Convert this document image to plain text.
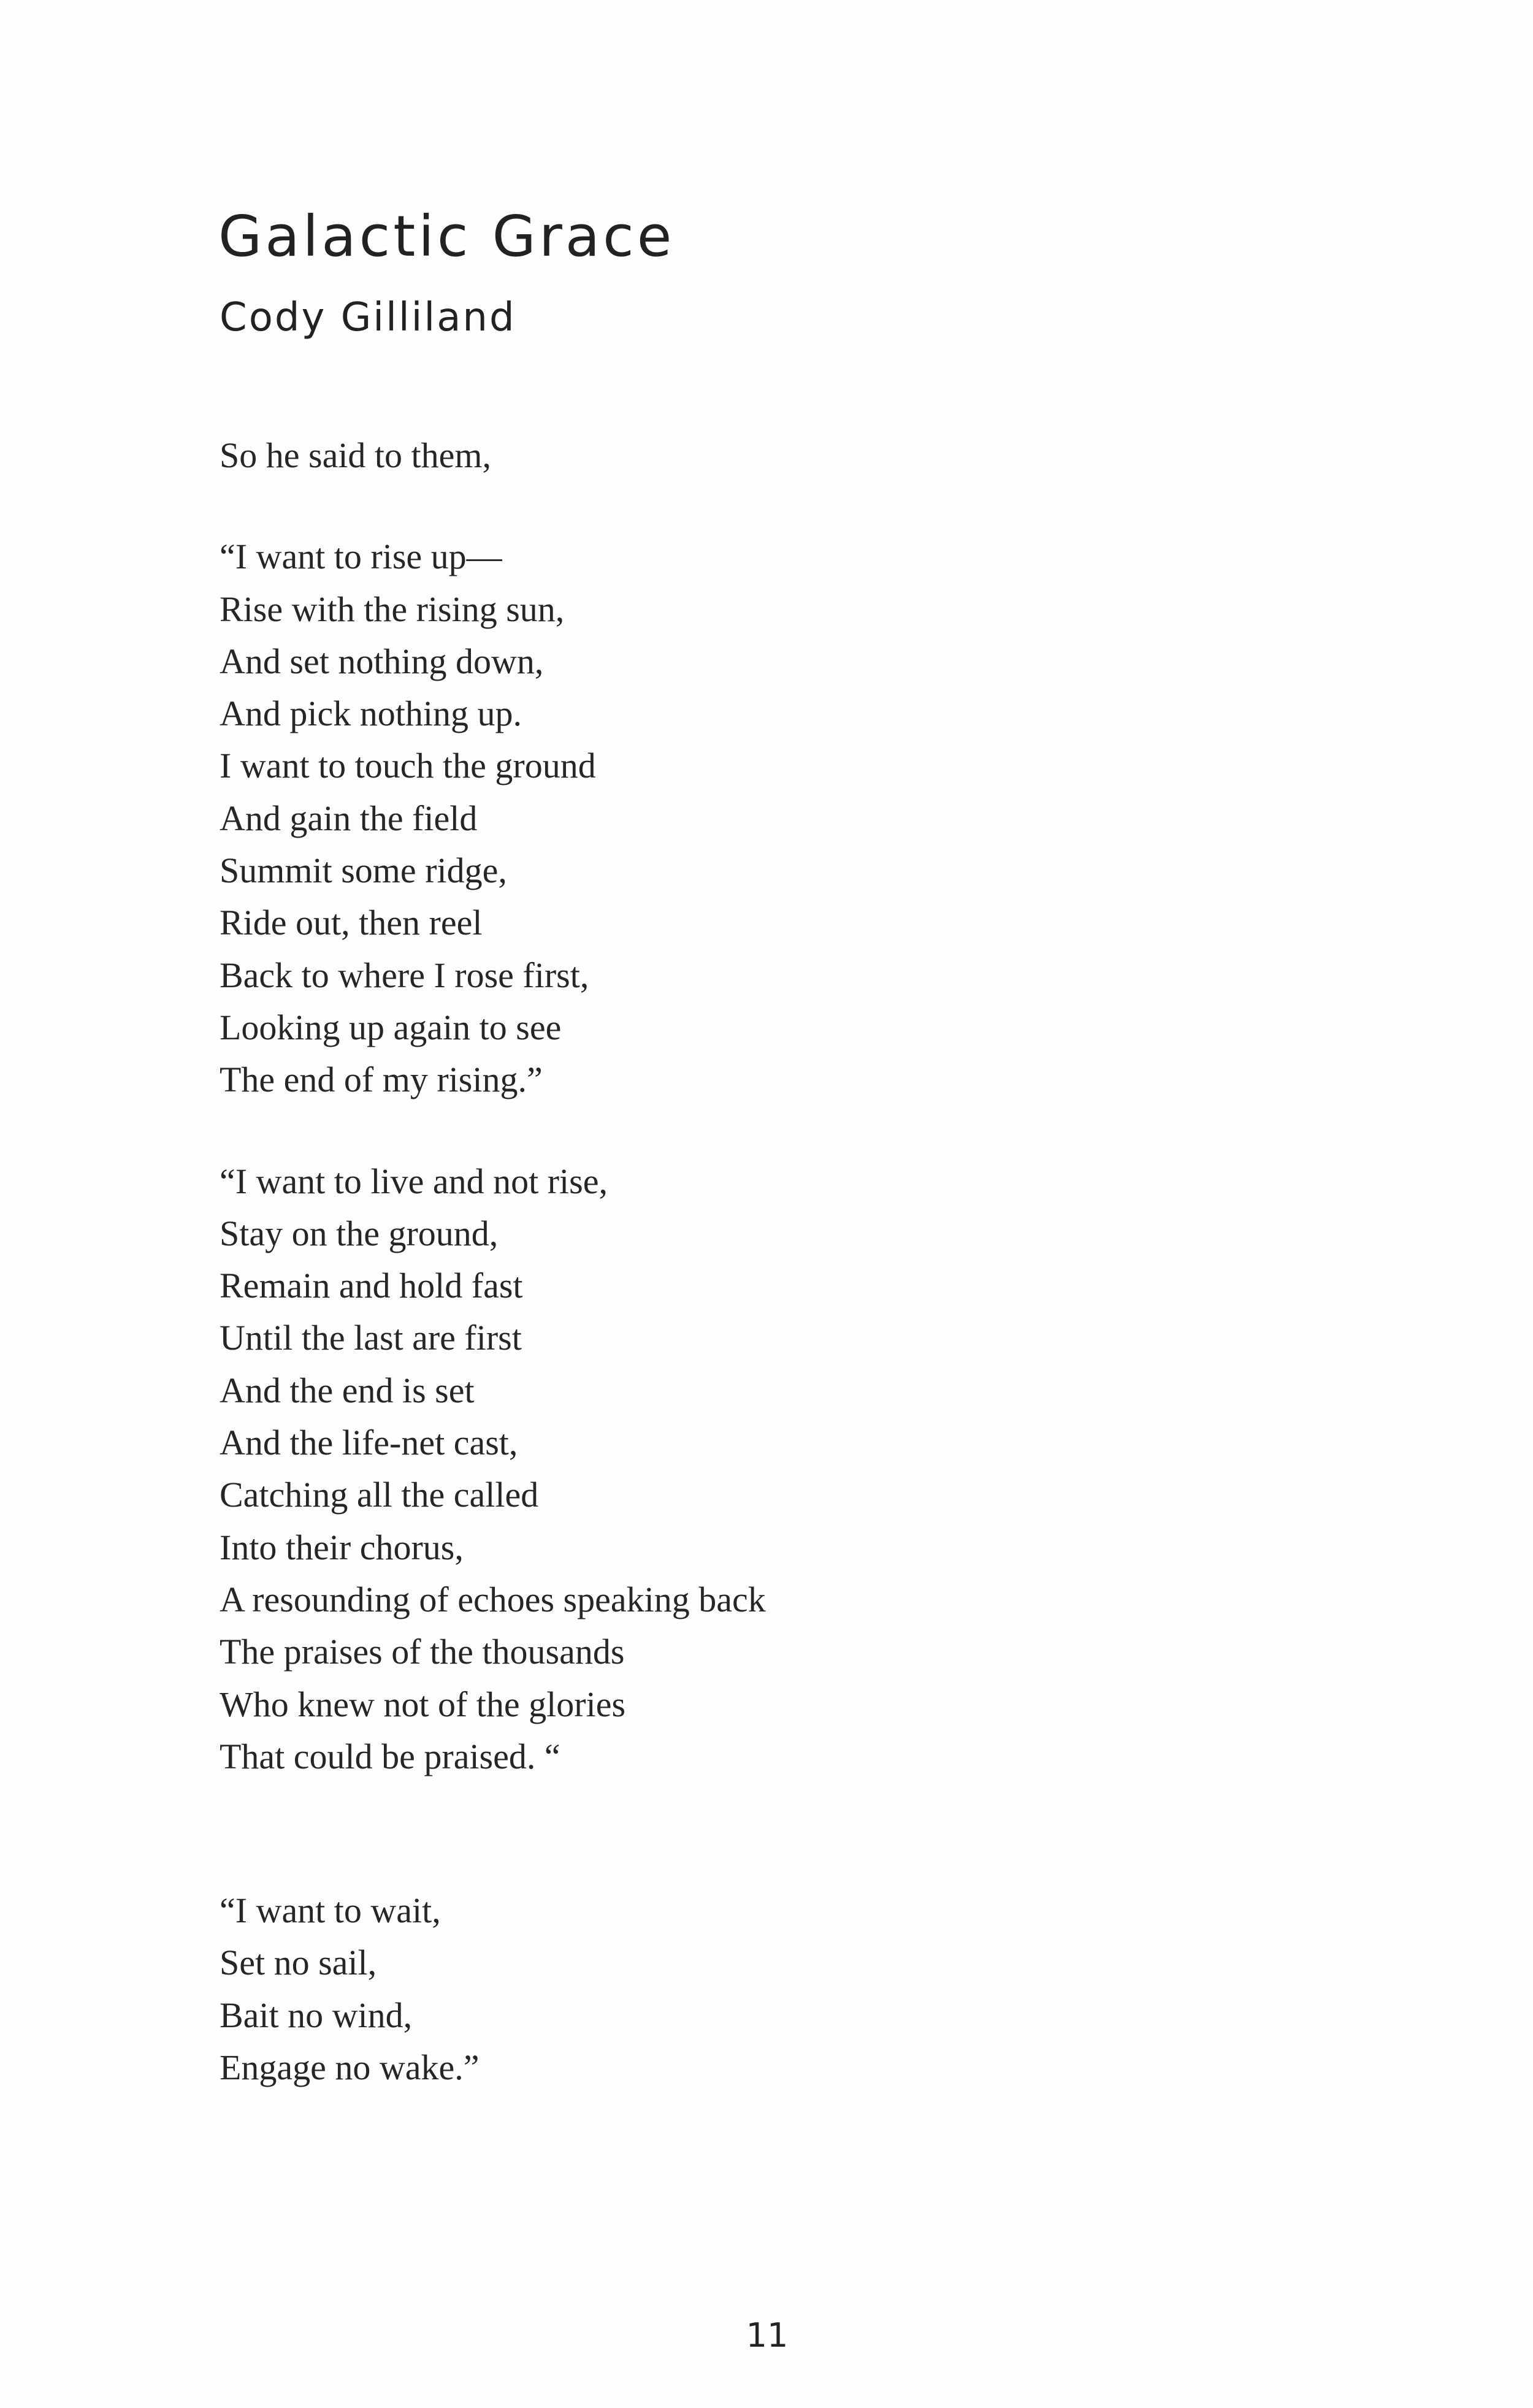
Galactic Grace
Cody Gilliland

So he said to them,

“I want to rise up—
Rise with the rising sun,
And set nothing down,
And pick nothing up.
I want to touch the ground
And gain the field
Summit some ridge,
Ride out, then reel
Back to where I rose first,
Looking up again to see
The end of my rising.”

“I want to live and not rise,
Stay on the ground,
Remain and hold fast
Until the last are first
And the end is set
And the life-net cast,
Catching all the called
Into their chorus,
A resounding of echoes speaking back
The praises of the thousands
Who knew not of the glories
That could be praised. “

“I want to wait,
Set no sail,
Bait no wind,
Engage no wake.”

11
